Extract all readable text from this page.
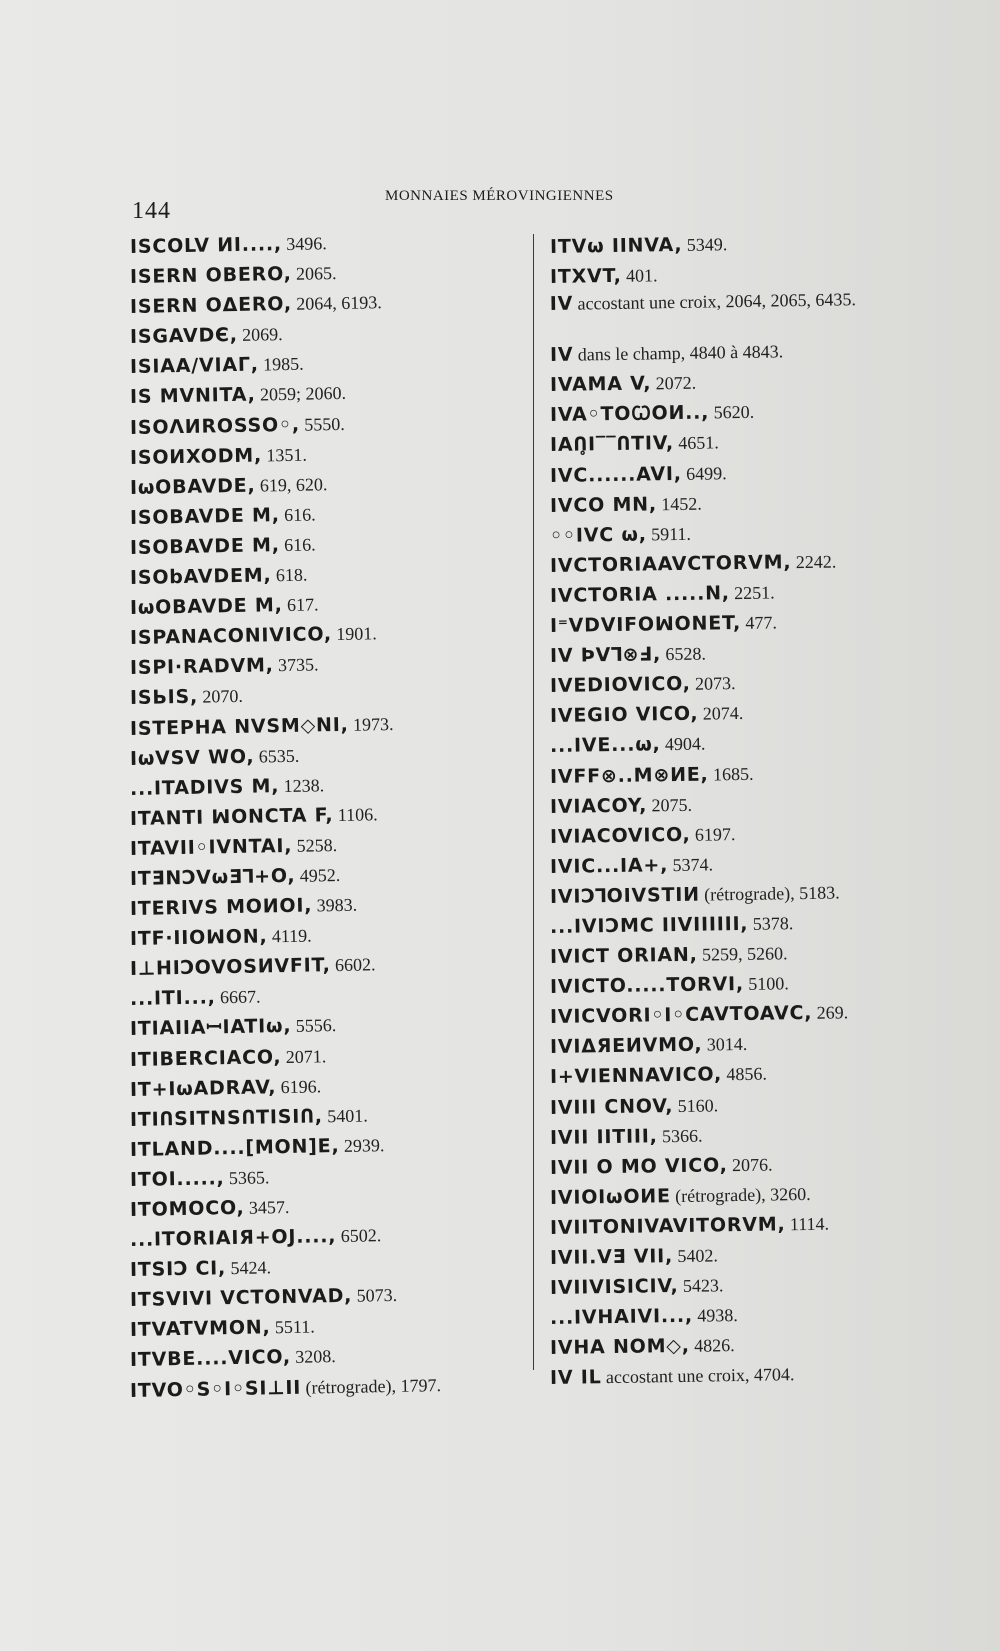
144
MONNAIES MÉROVINGIENNES
ISCOLV ИI...., 3496.
ISERN OBERO, 2065.
ISERN OΔERO, 2064, 6193.
ISGAVDЄ, 2069.
ISIAA/VIAΓ, 1985.
IS MVNITA, 2059; 2060.
ISOΛИROSSO◦, 5550.
ISOИXODM, 1351.
IωOBAVDE, 619, 620.
ISOBAVDE M, 616.
ISOBAVDE M, 616.
ISObAVDEM, 618.
IωOBAVDE M, 617.
ISPANACONIVICO, 1901.
ISPI·RADVM, 3735.
ISЬIS, 2070.
ISTEPHA NVSM◇NI, 1973.
IωVSV WO, 6535.
...ITADIVS M, 1238.
ITANTI ꟽONCTA F, 1106.
ITAVII◦IVNTAI, 5258.
ITƎNϽVωƎ⅂+O, 4952.
ITERIVS MOИOI, 3983.
ITF·IIOꟽON, 4119.
I⊥HIϽOVOSИVFIT, 6602.
...ITI..., 6667.
ITIAIIAꟷIATIω, 5556.
ITIBERCIACO, 2071.
IT+IωADRAV, 6196.
ITIՈSITNSՈTISIՈ, 5401.
ITLAND....[MON]E, 2939.
ITOI....., 5365.
ITOMOCO, 3457.
...ITORIAIЯ+OJ...., 6502.
ITSIϽ CI, 5424.
ITSVIVI VCTONVAD, 5073.
ITVATVMON, 5511.
ITVBE....VICO, 3208.
ITVO◦S◦I◦SI⊥II (rétrograde), 1797.
ITVω IINVA, 5349.
ITXVT, 401.
IV accostant une croix, 2064, 2065, 6435.
IV dans le champ, 4840 à 4843.
IVAMA V, 2072.
IVA◦TOꞶOИ.., 5620.
IAՈ̥I‾‾ՈTIV, 4651.
IVC......AVI, 6499.
IVCO MN, 1452.
◦◦IVC ω, 5911.
IVCTORIAAVCTORVM, 2242.
IVCTORIA .....N, 2251.
I⁼VDVIFOꟽONET, 477.
IV ÞV⅂⊗Ⅎ, 6528.
IVEDIOVICO, 2073.
IVEGIO VICO, 2074.
...IVE...ω, 4904.
IVFF⊗..M⊗ИE, 1685.
IVIACOY, 2075.
IVIACOVICO, 6197.
IVIC...IA+, 5374.
IVIϽ⅂OIVSTIИ (rétrograde), 5183.
...IVIƆMC IIVIIIIII, 5378.
IVICT ORIAN, 5259, 5260.
IVICTO.....TORVI, 5100.
IVICVORI◦I◦CAVTOAVC, 269.
IVIΔЯEИVMO, 3014.
I+VIENNAVICO, 4856.
IVIII CNOV, 5160.
IVII IITIII, 5366.
IVII O MO VICO, 2076.
IVIOIωOИE (rétrograde), 3260.
IVIITONIVAVITORVM, 1114.
IVII.VƎ VII, 5402.
IVIIVISICIV, 5423.
...IVHAIVI..., 4938.
IVHA NOM◇, 4826.
IV IL accostant une croix, 4704.
